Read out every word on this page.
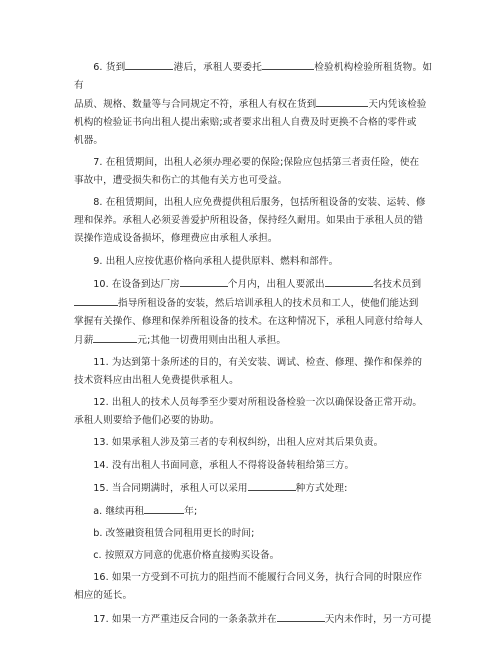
6. 货到	港后，承租人要委托	检验机构检验所租货物。如有
品质、规格、数量等与合同规定不符，承租人有权在货到	天内凭该检验
机构的检验证书向出租人提出索赔;或者要求出租人自费及时更换不合格的零件或
机器。
7. 在租赁期间，出租人必须办理必要的保险;保险应包括第三者责任险，使在
事故中，遭受损失和伤亡的其他有关方也可受益。
8. 在租赁期间，出租人应免费提供租后服务，包括所租设备的安装、运转、修
理和保养。承租人必须妥善爱护所租设备，保持经久耐用。如果由于承租人员的错
误操作造成设备损坏，修理费应由承租人承担。
9. 出租人应按优惠价格向承租人提供原料、燃料和部件。
10. 在设备到达厂房	个月内，出租人要派出	名技术员到
指导所租设备的安装，然后培训承租人的技术员和工人，使他们能达到
掌握有关操作、修理和保养所租设备的技术。在这种情况下，承租人同意付给每人
月薪	元;其他一切费用则由出租人承担。
11. 为达到第十条所述的目的，有关安装、调试、检查、修理、操作和保养的
技术资料应由出租人免费提供承租人。
12. 出租人的技术人员每季至少要对所租设备检验一次以确保设备正常开动。
承租人则要给予他们必要的协助。
13. 如果承租人涉及第三者的专利权纠纷，出租人应对其后果负责。
14. 没有出租人书面同意，承租人不得将设备转租给第三方。
15. 当合同期满时，承租人可以采用	种方式处理:
a. 继续再租	年;
b. 改签融资租赁合同租用更长的时间;
c. 按照双方同意的优惠价格直接购买设备。
16. 如果一方受到不可抗力的阻挡而不能履行合同义务，执行合同的时限应作
相应的延长。
17. 如果一方严重违反合同的一条条款并在	天内未作时，另一方可提
